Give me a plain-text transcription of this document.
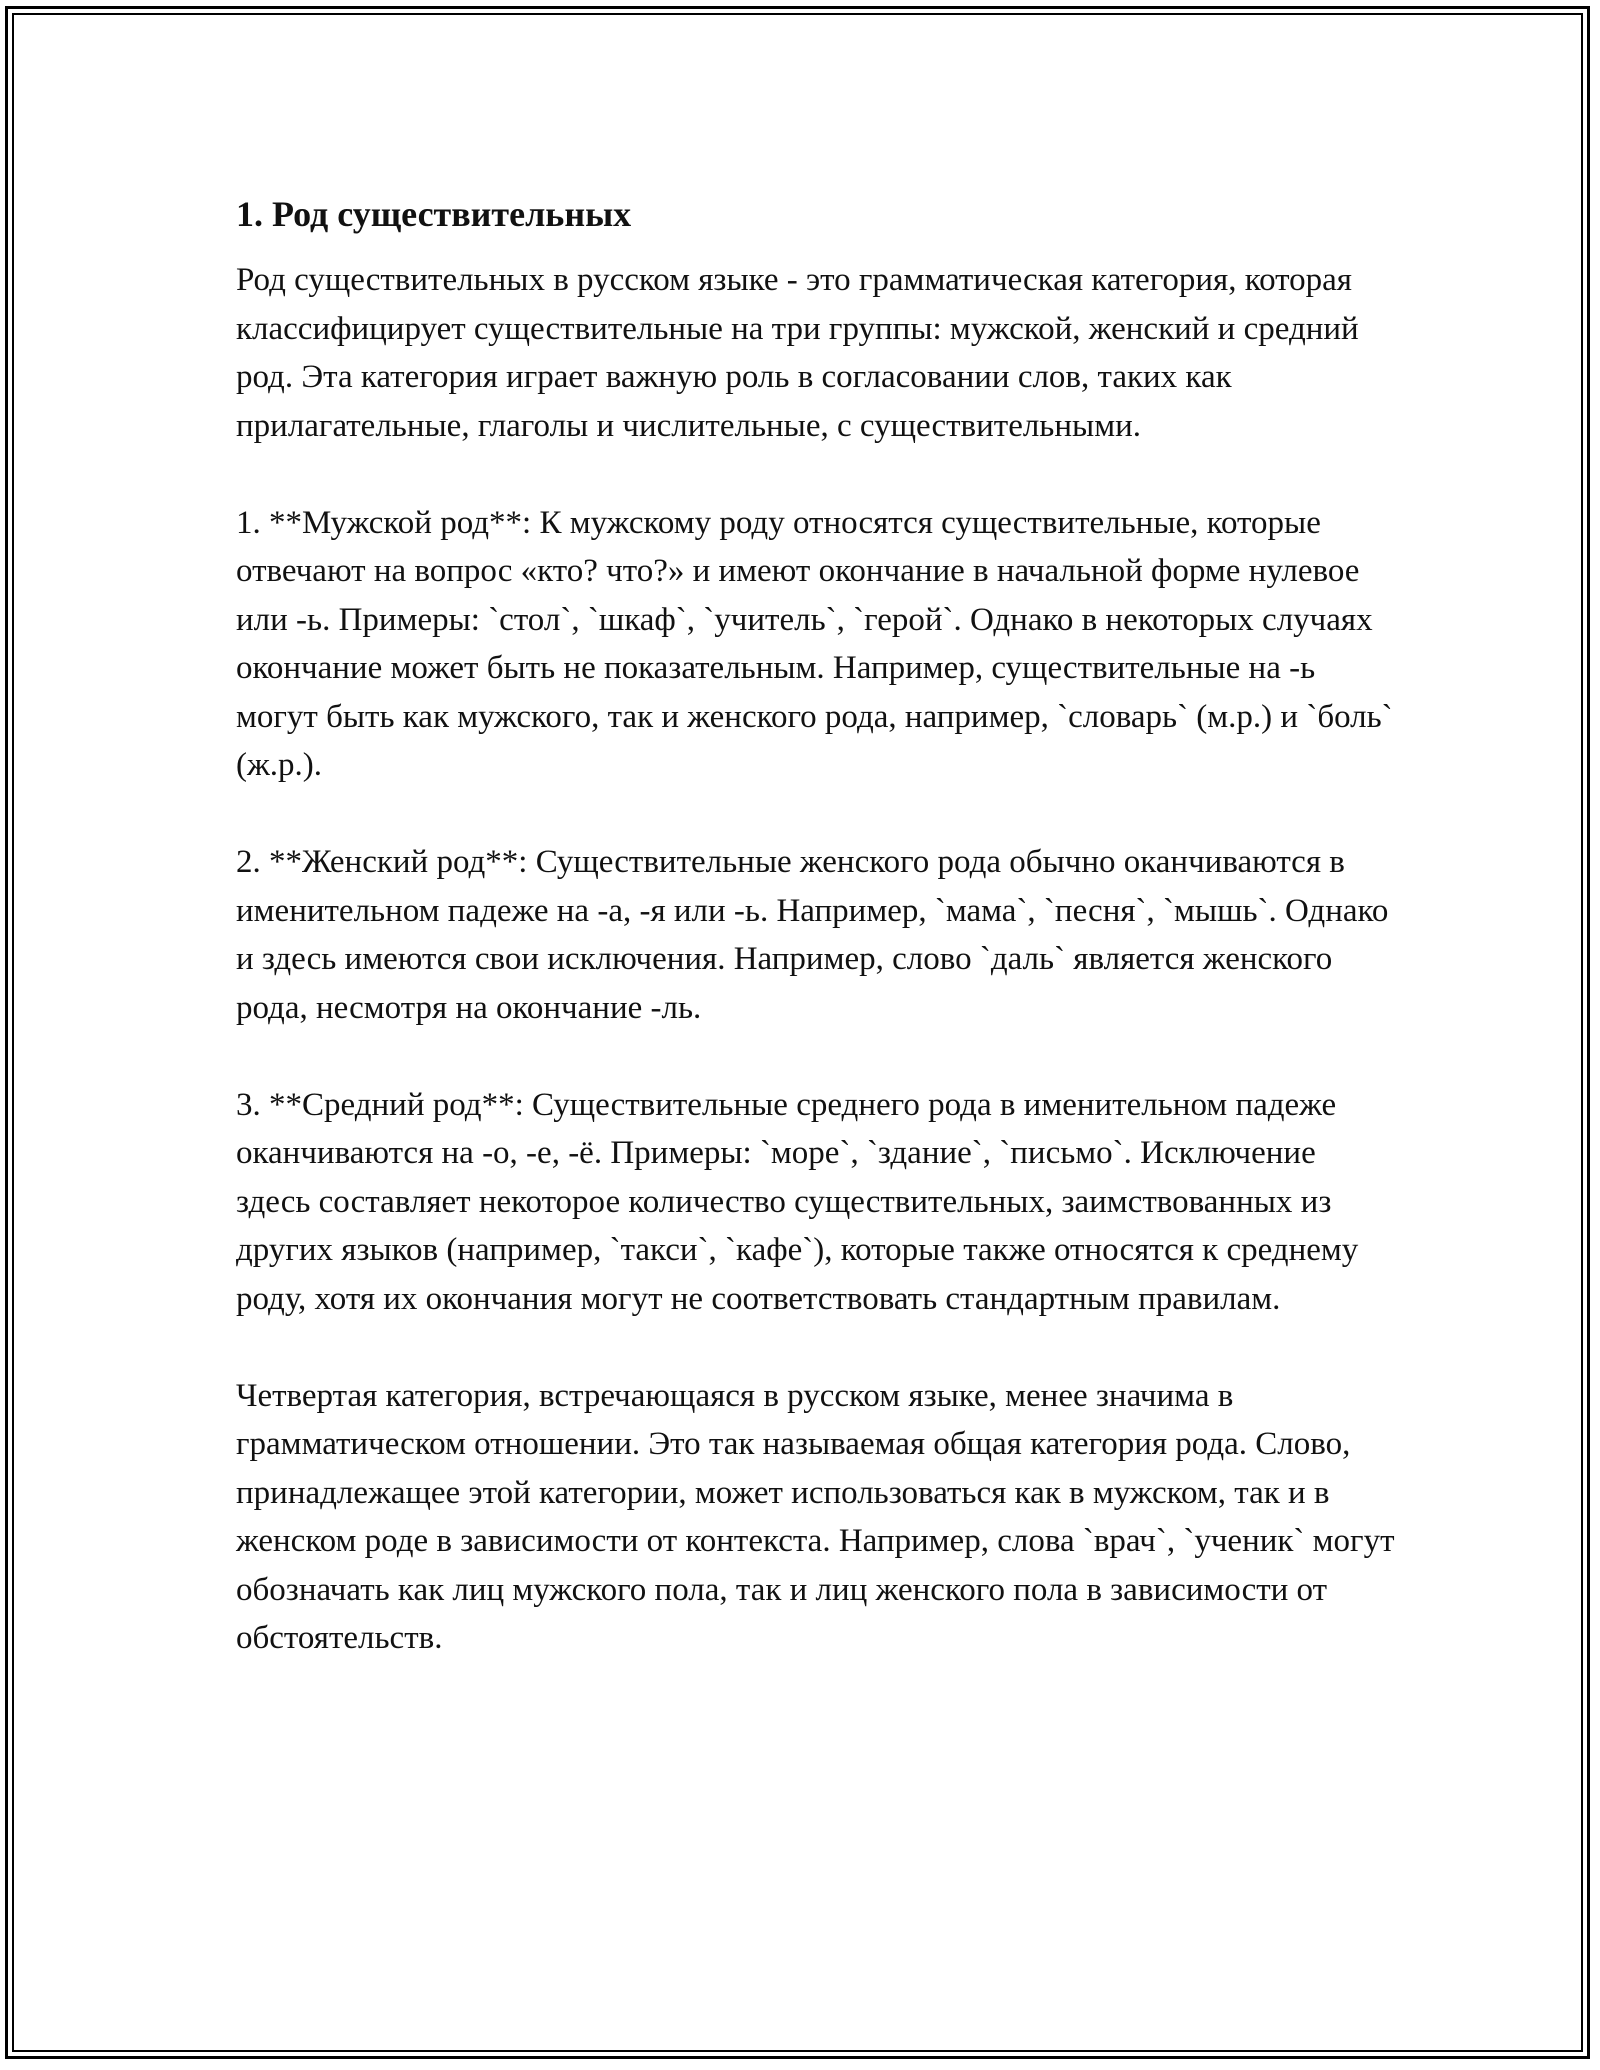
1. Род существительных

Род существительных в русском языке - это грамматическая категория, которая классифицирует существительные на три группы: мужской, женский и средний род. Эта категория играет важную роль в согласовании слов, таких как прилагательные, глаголы и числительные, с существительными.

1. **Мужской род**: К мужскому роду относятся существительные, которые отвечают на вопрос «кто? что?» и имеют окончание в начальной форме нулевое или -ь. Примеры: `стол`, `шкаф`, `учитель`, `герой`. Однако в некоторых случаях окончание может быть не показательным. Например, существительные на -ь могут быть как мужского, так и женского рода, например, `словарь` (м.р.) и `боль` (ж.р.).

2. **Женский род**: Существительные женского рода обычно оканчиваются в именительном падеже на -а, -я или -ь. Например, `мама`, `песня`, `мышь`. Однако и здесь имеются свои исключения. Например, слово `даль` является женского рода, несмотря на окончание -ль.

3. **Средний род**: Существительные среднего рода в именительном падеже оканчиваются на -о, -е, -ё. Примеры: `море`, `здание`, `письмо`. Исключение здесь составляет некоторое количество существительных, заимствованных из других языков (например, `такси`, `кафе`), которые также относятся к среднему роду, хотя их окончания могут не соответствовать стандартным правилам.

Четвертая категория, встречающаяся в русском языке, менее значима в грамматическом отношении. Это так называемая общая категория рода. Слово, принадлежащее этой категории, может использоваться как в мужском, так и в женском роде в зависимости от контекста. Например, слова `врач`, `ученик` могут обозначать как лиц мужского пола, так и лиц женского пола в зависимости от обстоятельств.
